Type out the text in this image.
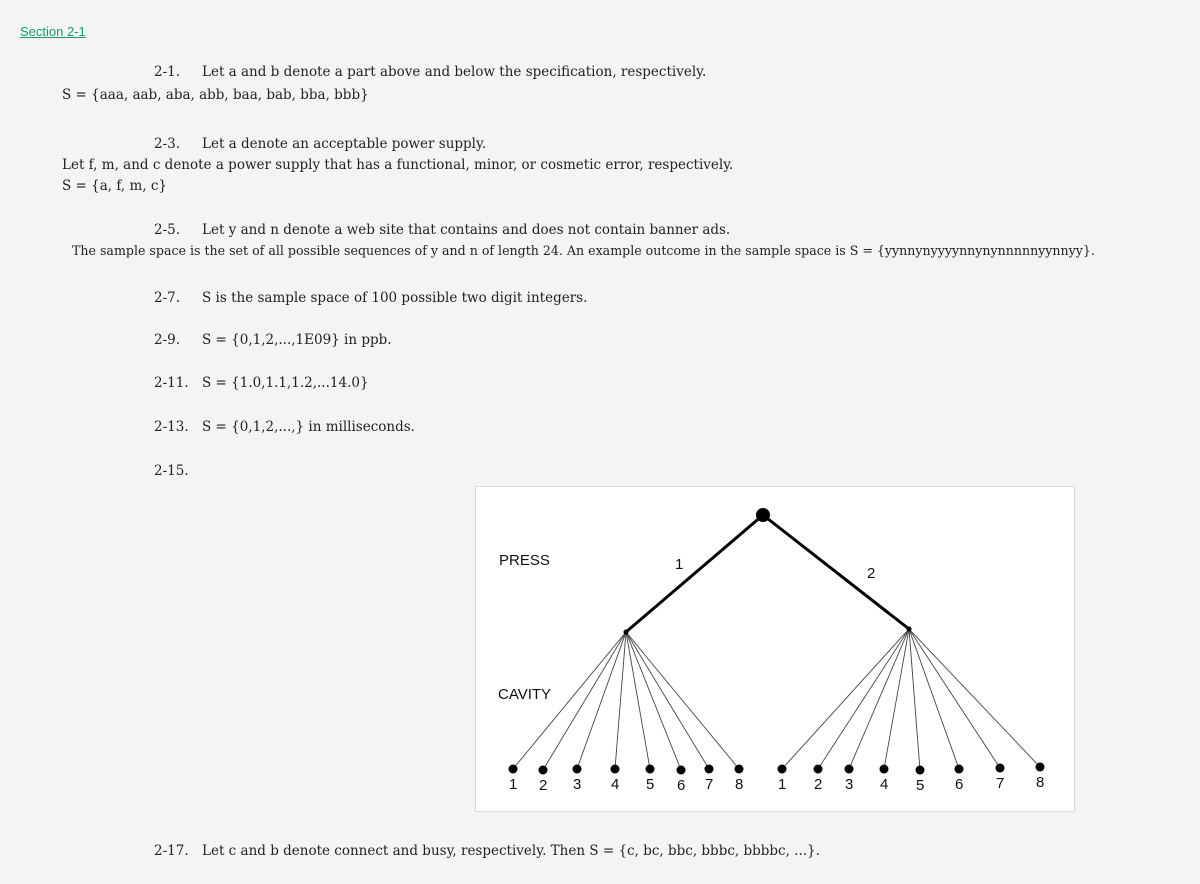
Section 2-1
2-1. Let a and b denote a part above and below the specification, respectively.
S = {aaa, aab, aba, abb, baa, bab, bba, bbb}
2-3. Let a denote an acceptable power supply.
Let f, m, and c denote a power supply that has a functional, minor, or cosmetic error, respectively.
S = {a, f, m, c}
2-5. Let y and n denote a web site that contains and does not contain banner ads.
The sample space is the set of all possible sequences of y and n of length 24. An example outcome in the sample space is S = {yynnynyyyynnynynnnnnyynnyy}.
2-7. S is the sample space of 100 possible two digit integers.
2-9. S = {0,1,2,...,1E09} in ppb.
2-11. S = {1.0,1.1,1.2,...14.0}
2-13. S = {0,1,2,...,} in milliseconds.
2-15.
PRESS
CAVITY
1
2
1 2 3 4 5 6 7 8 1 2 3 4 5 6 7 8
2-17. Let c and b denote connect and busy, respectively. Then S = {c, bc, bbc, bbbc, bbbbc, ...}.
